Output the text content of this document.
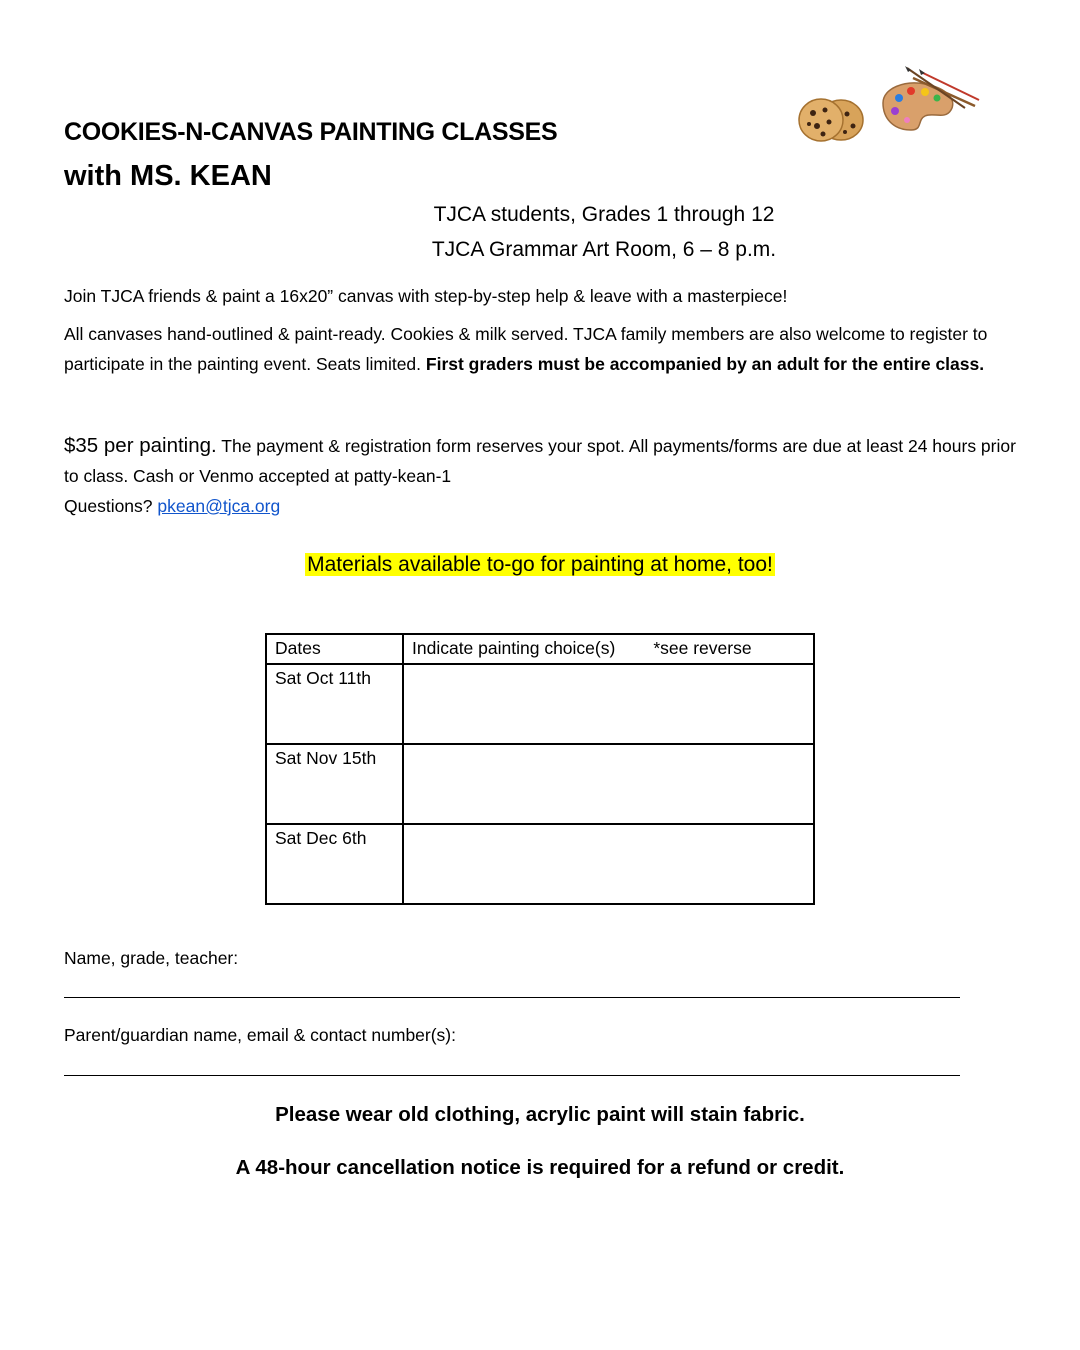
COOKIES-N-CANVAS PAINTING CLASSES
with MS. KEAN
TJCA students, Grades 1 through 12
TJCA Grammar Art Room, 6 – 8 p.m.
Join TJCA friends & paint a 16x20” canvas with step-by-step help & leave with a masterpiece!
All canvases hand-outlined & paint-ready. Cookies & milk served. TJCA family members are also welcome to register to participate in the painting event. Seats limited. First graders must be accompanied by an adult for the entire class.
$35 per painting. The payment & registration form reserves your spot. All payments/forms are due at least 24 hours prior to class. Cash or Venmo accepted at patty-kean-1
Questions? pkean@tjca.org
Materials available to-go for painting at home, too!
Dates	Indicate painting choice(s) *see reverse
Sat Oct 11th	
Sat Nov 15th	
Sat Dec 6th	
Name, grade, teacher:
Parent/guardian name, email & contact number(s):
Please wear old clothing, acrylic paint will stain fabric.
A 48-hour cancellation notice is required for a refund or credit.
